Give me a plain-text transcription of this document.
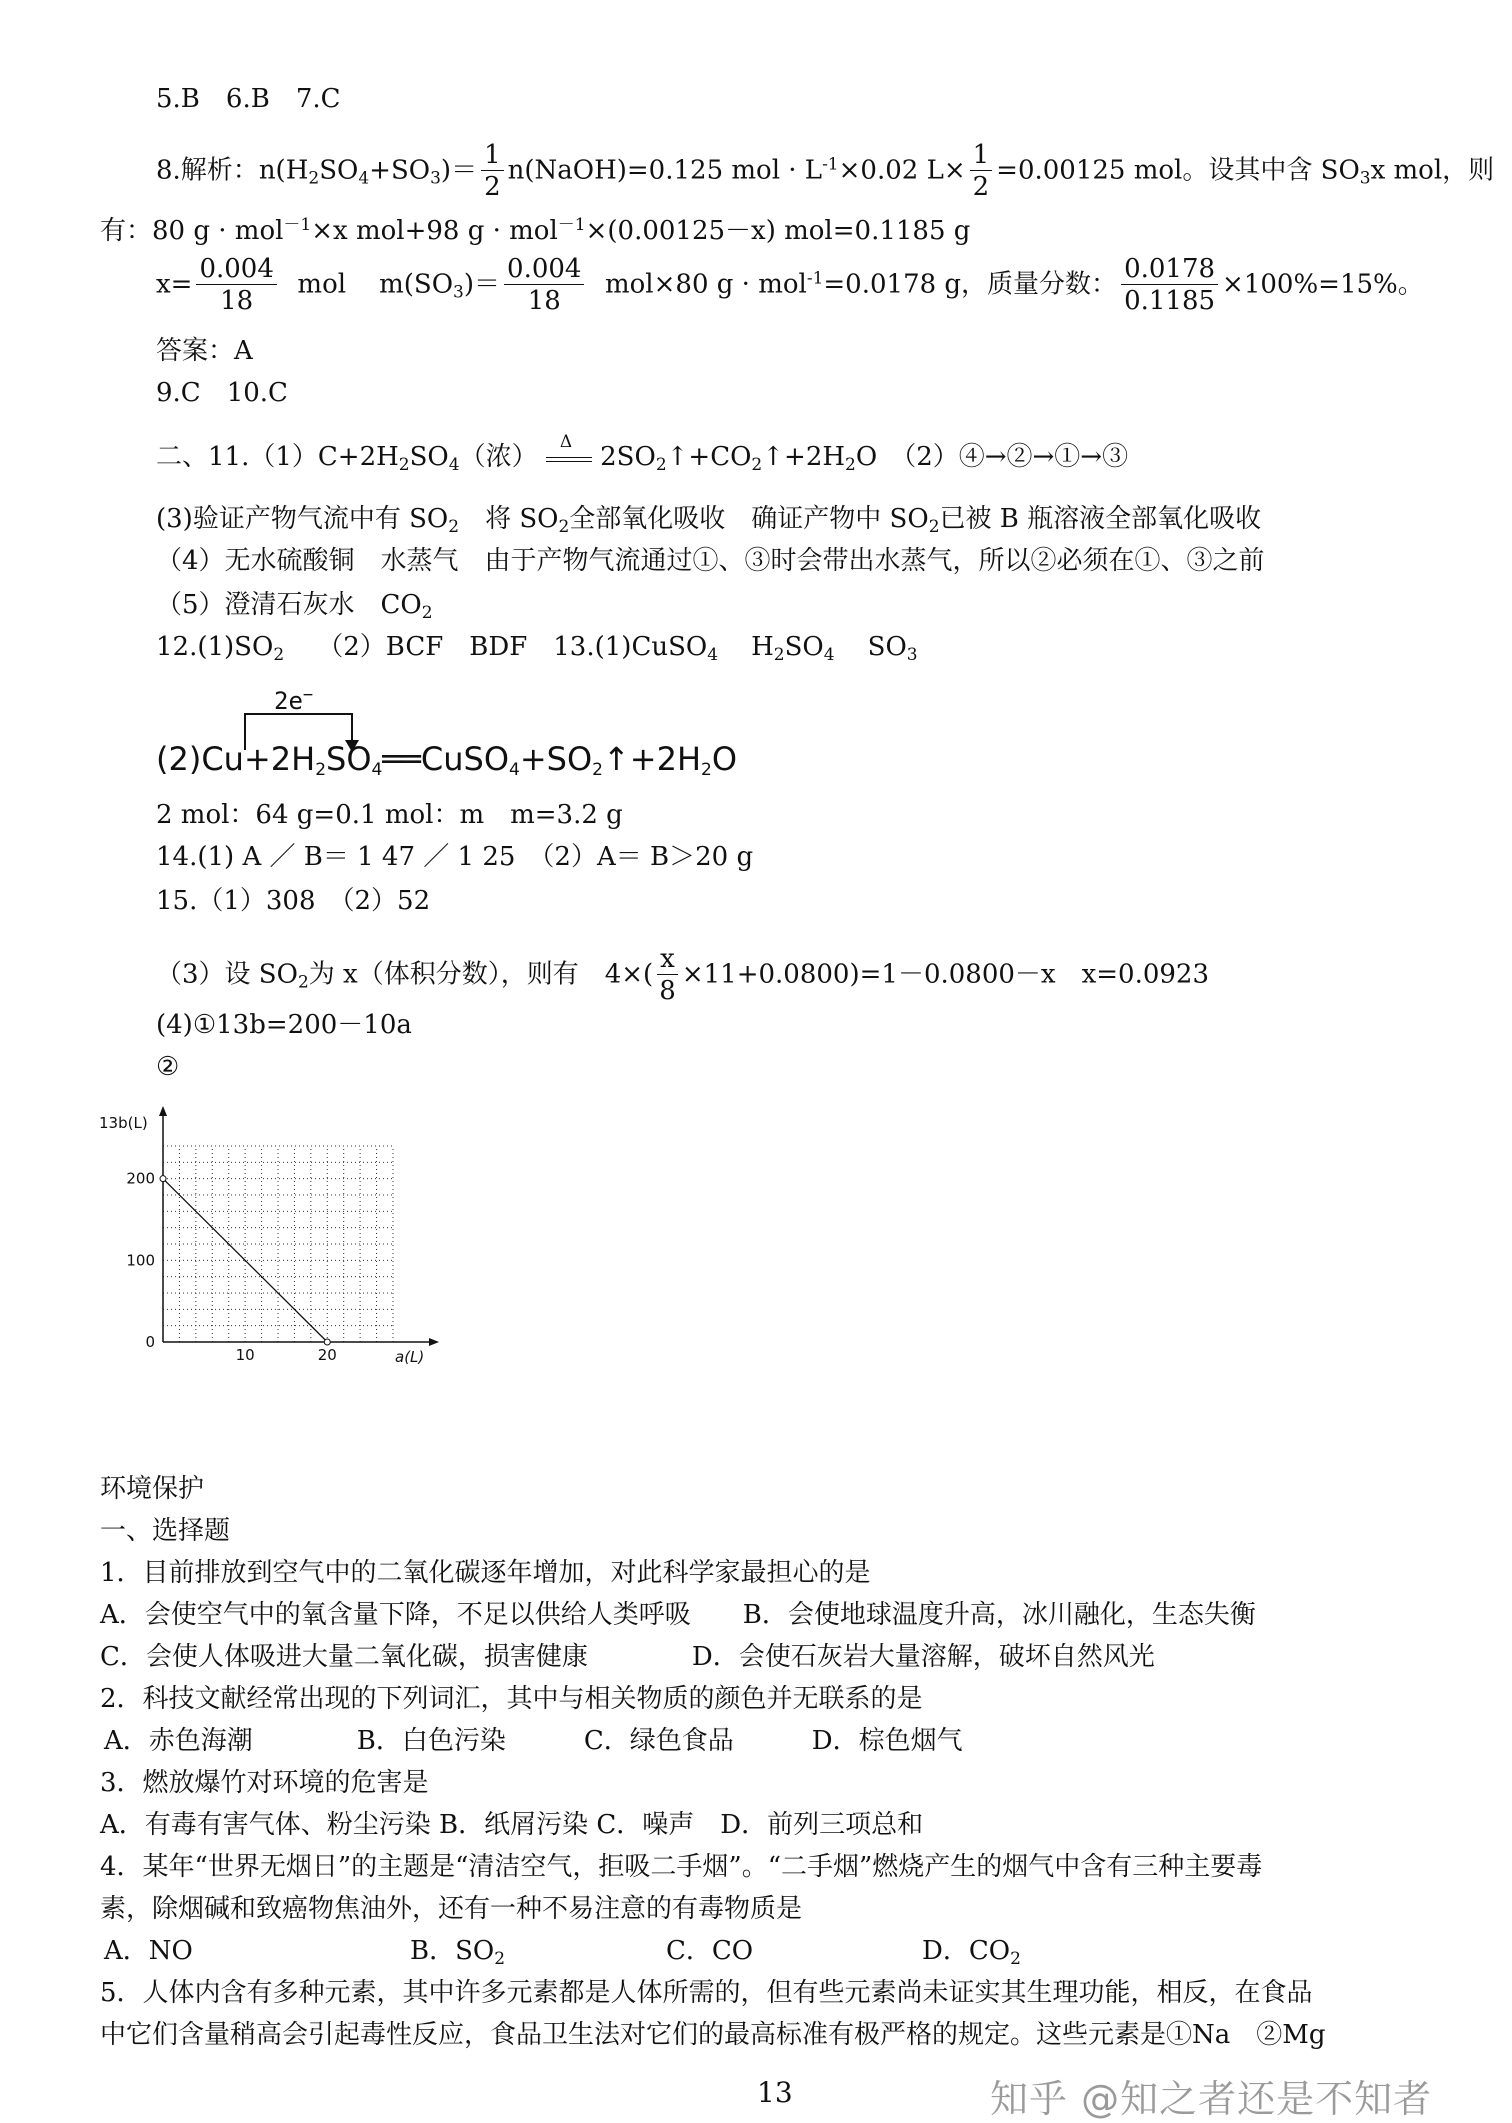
5.B　6.B　7.C
8.解析：$n(H_2SO_4+SO_3)= \frac{1}{2}$ n(NaOH)=0.125 mol · $L^{-1}\times 0.02$ $L\times \frac{1}{2} =0.00125$ mol。设其中含 $SO_3x$ mol，则
有：80 g · mol$^{-1}$×x mol+98 g · mol$^{-1}$×(0.00125－x) mol=0.1185 g
$x= \frac{0.004}{18}$ mol $m(SO_3)= \frac{0.004}{18} mol\times 80$ g · mol$^{-1}$=0.0178 g，质量分数： $\frac{0.0178}{0.1185} \times 100\%=15\%$。
答案：A
9.C　10.C
二、$11.(1)C+2H_2SO_4$（浓）
Δ
$2SO_2↑+CO_2↑+2H_2O$　（2）④→②→①→③
(3)验证产物气流中有 $SO_2$　将 $SO_2$全部氧化吸收　确证产物中 $SO_2$已被 B 瓶溶液全部氧化吸收
（4）无水硫酸铜　水蒸气　由于产物气流通过①、③时会带出水蒸气，所以②必须在①、③之前
（5）澄清石灰水　$CO_2$
$12.(1)SO_2$ （2）BCF　BDF　13.(1)CuSO$_4$ $H_2SO_4$ $SO_3$
2e−
$(2)Cu+2H_2SO_4══CuSO_4+SO_2↑+2H_2O$
2 mol：64 g=0.1 mol：m　m=3.2 g
14.(1) A ／ B＝ 1 47 ／ 1 25　（2）A＝ B＞20 g
15.（1）308　（2）52
（3）设 $SO_2$为 x（体积分数），则有　$4\times( \frac{x}{8} \times 11+0.0800)=1-0.0800-x$　x=0.0923
(4)①13b=200－10a
②
0
100
200
10	20
13b(L)
a(L)
环境保护
一、选择题
1．目前排放到空气中的二氧化碳逐年增加，对此科学家最担心的是
A．会使空气中的氧含量下降，不足以供给人类呼吸　　B．会使地球温度升高，冰川融化，生态失衡
C．会使人体吸进大量二氧化碳，损害健康　　　　D．会使石灰岩大量溶解，破坏自然风光
2．科技文献经常出现的下列词汇，其中与相关物质的颜色并无联系的是
A．赤色海潮　　　　B．白色污染　　　C．绿色食品　　　D．棕色烟气
3．燃放爆竹对环境的危害是
A．有毒有害气体、粉尘污染 B．纸屑污染 C．噪声　D．前列三项总和
4．某年“世界无烟日”的主题是“清洁空气，拒吸二手烟”。“二手烟”燃烧产生的烟气中含有三种主要毒
素，除烟碱和致癌物焦油外，还有一种不易注意的有毒物质是
A．NO	B．$SO_2$	C．CO	D．$CO_2$
5．人体内含有多种元素，其中许多元素都是人体所需的，但有些元素尚未证实其生理功能，相反，在食品
中它们含量稍高会引起毒性反应，食品卫生法对它们的最高标准有极严格的规定。这些元素是①Na　②Mg
13	知乎 @知之者还是不知者
